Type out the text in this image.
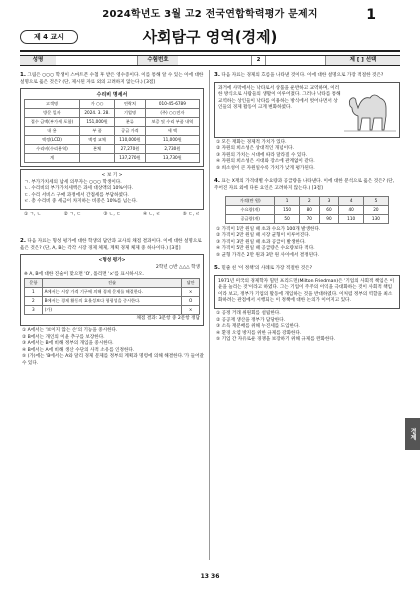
2024학년도 3월 고2 전국연합학력평가 문제지	1
제 4 교시	사회탐구 영역(경제)
성명	수험번호	2	제 [ ] 선택
1. 그림은 ○○○ 학생이 스마트폰 수첩 후 받은 영수증이다. 이를 통해 알 수 있는 이에 대한 설명으로 옳은 것은? (단, 제시된 자료 외의 고려하지 않는다.) [3점]
수리비 명세서
고객명	가 ○○	연락처	010-45-6789
방문 일자	2024. 3. 28.	기업명	(주) ○○전자
접수 금액(부가세 포함)	151,000원	분류	보증 및 수리 부품 내역
내 용	부 품	공급 가격	세 액
액정(LCD)	액정 교체	110,000원	11,000원
수리비(수리용역)	본체	27,270원	2,730원
계		137,270원	13,730원
< 보 기 >
ㄱ. 부가가치세의 납세 의무자는 ○○○ 학생이다.
ㄴ. 수리비의 부가가치세액은 과세 대상액의 10%이다.
ㄷ. 수리 서비스 구매 과정에서 간접세를 부담하였다.
ㄹ. 총 수리비 중 세금이 차지하는 비중은 10%를 넘는다.
① ㄱ, ㄴ	② ㄱ, ㄷ	③ ㄴ, ㄷ	④ ㄴ, ㄹ	⑤ ㄷ, ㄹ
2. 다음 자료는 형성 평가에 대한 학생의 답안과 교사의 채점 결과이다. 이에 대한 설명으로 옳은 것은? (단, A, B는 각각 시장 경제 체제, 계획 경제 체제 중 하나이다.) [3점]
<형성 평가>
2학년 ○반 △△△ 학생
※ A, B에 대한 진술이 맞으면 'O', 틀리면 '×'를 표시하시오.
문항	진술	답안
1	A에서는 시장 가격 기구에 의해 경제 문제를 해결한다.	×
2	B에서는 경제 활동의 효율성보다 형평성을 중시한다.	O
3	(가)	×
채점 결과: 3문항 중 2문항 정답
① A에서는 '보이지 않는 손'의 기능을 중시한다.
② B에서는 개인의 이윤 추구를 보장한다.
③ A에서는 B에 비해 정부의 개입을 중시한다.
④ B에서는 A에 비해 생산 수단의 사적 소유를 인정한다.
⑤ (가)에는 'B에서는 A와 달리 경제 문제를 정부의 계획과 명령에 의해 해결한다.'가 들어갈 수 있다.
3. 다음 자료는 경제의 흐름을 나타낸 것이다. 이에 대한 설명으로 가장 적절한 것은?
과거에 사막에서는 낙타로서 상품을 운반하고 교역하며, 이러한 방식으로 사람들의 생활이 이루어졌다. 그러나 낙타를 통해 교역하는 상인들이 낙타를 이용하는 방식에서 벗어나면서 상인들의 경제 활동이 크게 변화하였다.
① 모든 재화는 경제적 가치가 있다.
② 자원의 희소성은 상대적인 개념이다.
③ 자원의 가치는 시대에 따라 달라질 수 있다.
④ 자원의 희소성은 시대와 장소에 관계없이 같다.
⑤ 희소성이 큰 자원일수록 가치가 낮게 평가된다.
4. 표는 X재의 가격대별 수요량과 공급량을 나타낸다. 이에 대한 분석으로 옳은 것은? (단, 주어진 자료 외에 다른 요인은 고려하지 않는다.) [3점]
가격(만 원)	1	2	3	4	5
수요량(개)	150	80	60	40	20
공급량(개)	50	70	90	110	130
① 가격이 1만 원일 때 초과 수요가 100개 발생한다.
② 가격이 2만 원일 때 시장 균형이 이루어진다.
③ 가격이 3만 원일 때 초과 공급이 발생한다.
④ 가격이 5만 원일 때 공급량은 수요량보다 적다.
⑤ 균형 가격은 2만 원과 3만 원 사이에서 결정된다.
5. 밑줄 친 '이 정책'의 사례로 가장 적절한 것은?
1971년 미국의 경제학자 밀턴 프리드먼(Milton Friedman)은 '기업의 사회적 책임은 이윤을 늘리는 것'이라고 하였다. 그는 기업이 주주의 이익을 극대화하는 것이 사회적 책임이라 보고, 정부가 기업의 활동에 개입하는 것을 반대하였다. 이처럼 정부의 역할을 최소화하려는 관점에서 시행되는 이 정책에 대한 논의가 이어지고 있다.
① 공정 거래 위원회를 설립한다.
② 공공재 생산을 정부가 담당한다.
③ 소득 재분배를 위해 누진세를 도입한다.
④ 환경 오염 방지를 위한 규제를 강화한다.
⑤ 기업 간 자유로운 경쟁을 보장하기 위해 규제를 완화한다.
경제
13 36
